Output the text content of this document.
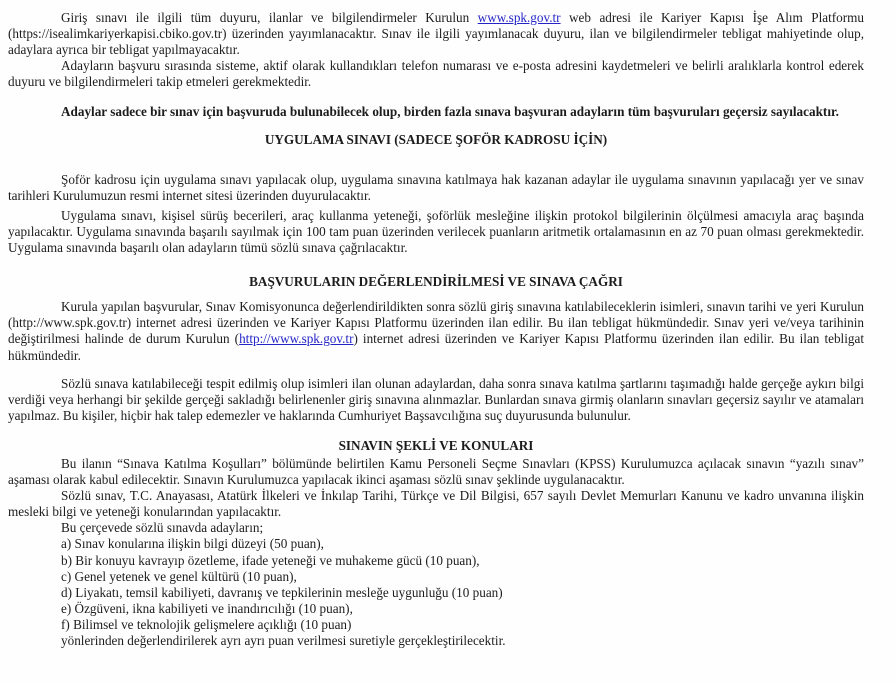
Giriş sınavı ile ilgili tüm duyuru, ilanlar ve bilgilendirmeler Kurulun www.spk.gov.tr web adresi ile Kariyer Kapısı İşe Alım Platformu (https://isealimkariyerkapisi.cbiko.gov.tr) üzerinden yayımlanacaktır. Sınav ile ilgili yayımlanacak duyuru, ilan ve bilgilendirmeler tebligat mahiyetinde olup, adaylara ayrıca bir tebligat yapılmayacaktır.

Adayların başvuru sırasında sisteme, aktif olarak kullandıkları telefon numarası ve e-posta adresini kaydetmeleri ve belirli aralıklarla kontrol ederek duyuru ve bilgilendirmeleri takip etmeleri gerekmektedir.

Adaylar sadece bir sınav için başvuruda bulunabilecek olup, birden fazla sınava başvuran adayların tüm başvuruları geçersiz sayılacaktır.

UYGULAMA SINAVI (SADECE ŞOFÖR KADROSU İÇİN)

Şoför kadrosu için uygulama sınavı yapılacak olup, uygulama sınavına katılmaya hak kazanan adaylar ile uygulama sınavının yapılacağı yer ve sınav tarihleri Kurulumuzun resmi internet sitesi üzerinden duyurulacaktır.

Uygulama sınavı, kişisel sürüş becerileri, araç kullanma yeteneği, şoförlük mesleğine ilişkin protokol bilgilerinin ölçülmesi amacıyla araç başında yapılacaktır. Uygulama sınavında başarılı sayılmak için 100 tam puan üzerinden verilecek puanların aritmetik ortalamasının en az 70 puan olması gerekmektedir. Uygulama sınavında başarılı olan adayların tümü sözlü sınava çağrılacaktır.

BAŞVURULARIN DEĞERLENDİRİLMESİ VE SINAVA ÇAĞRI

Kurula yapılan başvurular, Sınav Komisyonunca değerlendirildikten sonra sözlü giriş sınavına katılabileceklerin isimleri, sınavın tarihi ve yeri Kurulun (http://www.spk.gov.tr) internet adresi üzerinden ve Kariyer Kapısı Platformu üzerinden ilan edilir. Bu ilan tebligat hükmündedir. Sınav yeri ve/veya tarihinin değiştirilmesi halinde de durum Kurulun (http://www.spk.gov.tr) internet adresi üzerinden ve Kariyer Kapısı Platformu üzerinden ilan edilir. Bu ilan tebligat hükmündedir.

Sözlü sınava katılabileceği tespit edilmiş olup isimleri ilan olunan adaylardan, daha sonra sınava katılma şartlarını taşımadığı halde gerçeğe aykırı bilgi verdiği veya herhangi bir şekilde gerçeği sakladığı belirlenenler giriş sınavına alınmazlar. Bunlardan sınava girmiş olanların sınavları geçersiz sayılır ve atamaları yapılmaz. Bu kişiler, hiçbir hak talep edemezler ve haklarında Cumhuriyet Başsavcılığına suç duyurusunda bulunulur.

SINAVIN ŞEKLİ VE KONULARI

Bu ilanın “Sınava Katılma Koşulları” bölümünde belirtilen Kamu Personeli Seçme Sınavları (KPSS) Kurulumuzca açılacak sınavın “yazılı sınav” aşaması olarak kabul edilecektir. Sınavın Kurulumuzca yapılacak ikinci aşaması sözlü sınav şeklinde uygulanacaktır.

Sözlü sınav, T.C. Anayasası, Atatürk İlkeleri ve İnkılap Tarihi, Türkçe ve Dil Bilgisi, 657 sayılı Devlet Memurları Kanunu ve kadro unvanına ilişkin mesleki bilgi ve yeteneği konularından yapılacaktır.

Bu çerçevede sözlü sınavda adayların;

a) Sınav konularına ilişkin bilgi düzeyi (50 puan),
b) Bir konuyu kavrayıp özetleme, ifade yeteneği ve muhakeme gücü (10 puan),
c) Genel yetenek ve genel kültürü (10 puan),
d) Liyakatı, temsil kabiliyeti, davranış ve tepkilerinin mesleğe uygunluğu (10 puan)
e) Özgüveni, ikna kabiliyeti ve inandırıcılığı (10 puan),
f) Bilimsel ve teknolojik gelişmelere açıklığı (10 puan)

yönlerinden değerlendirilerek ayrı ayrı puan verilmesi suretiyle gerçekleştirilecektir.
